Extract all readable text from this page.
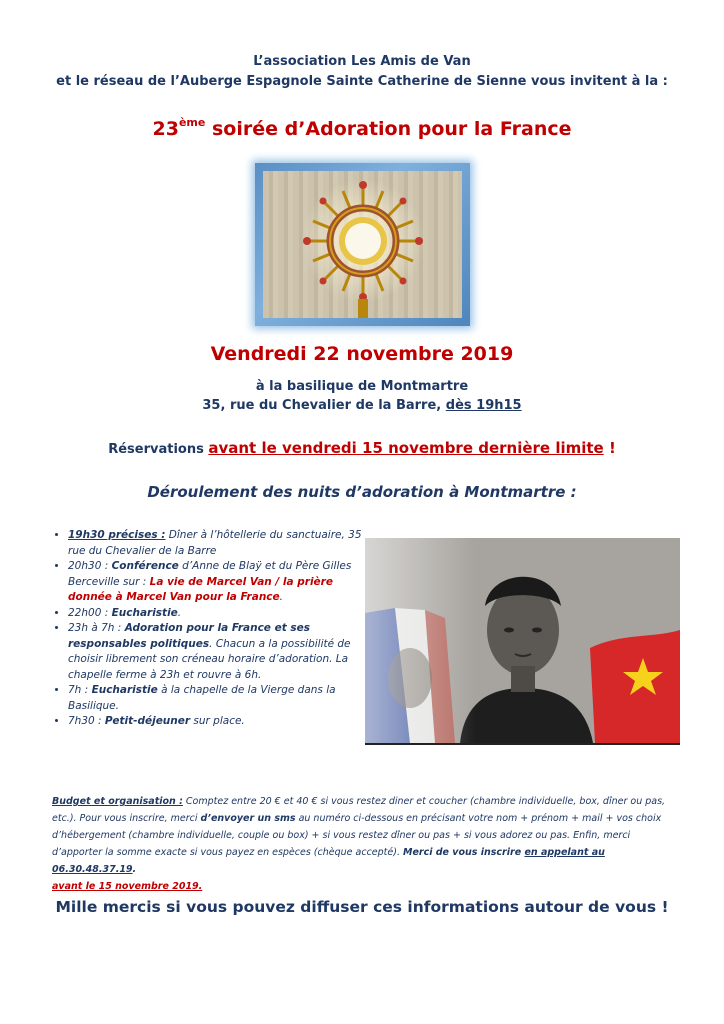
L’association Les Amis de Van
et le réseau de l’Auberge Espagnole Sainte Catherine de Sienne vous invitent à la :
23ème soirée d’Adoration pour la France
Vendredi 22 novembre 2019
à la basilique de Montmartre
35, rue du Chevalier de la Barre, dès 19h15
Réservations avant le vendredi 15 novembre dernière limite !
Déroulement des nuits d’adoration à Montmartre :
• 19h30 précises : Dîner à l’hôtellerie du sanctuaire, 35 rue du Chevalier de la Barre
• 20h30 : Conférence d’Anne de Blaÿ et du Père Gilles Berceville sur : La vie de Marcel Van / la prière donnée à Marcel Van pour la France.
• 22h00 : Eucharistie.
• 23h à 7h : Adoration pour la France et ses responsables politiques. Chacun a la possibilité de choisir librement son créneau horaire d’adoration. La chapelle ferme à 23h et rouvre à 6h.
• 7h : Eucharistie à la chapelle de la Vierge dans la Basilique.
• 7h30 : Petit-déjeuner sur place.
Budget et organisation : Comptez entre 20 € et 40 € si vous restez diner et coucher (chambre individuelle, box, dîner ou pas, etc.). Pour vous inscrire, merci d’envoyer un sms au numéro ci-dessous en précisant votre nom + prénom + mail + vos choix d’hébergement (chambre individuelle, couple ou box) + si vous restez dîner ou pas + si vous adorez ou pas. Enfin, merci d’apporter la somme exacte si vous payez en espèces (chèque accepté). Merci de vous inscrire en appelant au 06.30.48.37.19.
avant le 15 novembre 2019.
Mille mercis si vous pouvez diffuser ces informations autour de vous !
